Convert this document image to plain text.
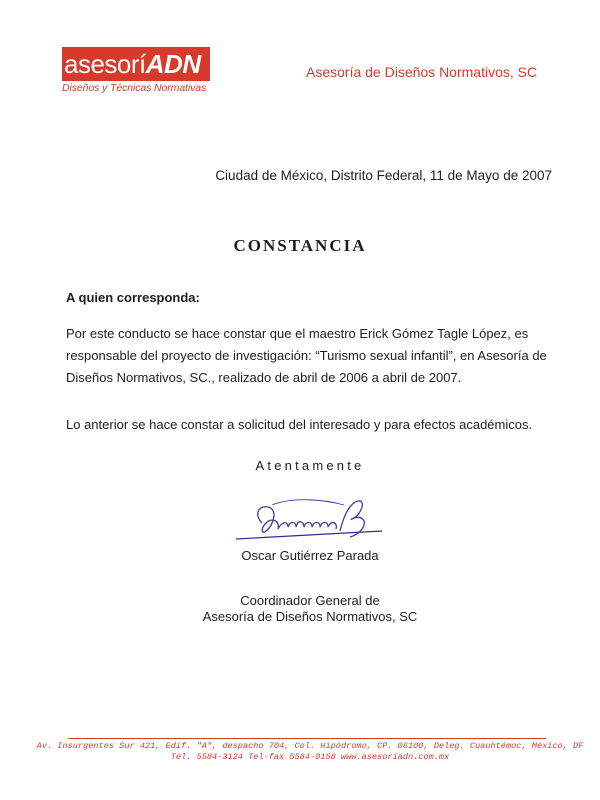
asesoríADN
Diseños y Técnicas Normativas
Asesoría de Diseños Normativos, SC
Ciudad de México, Distrito Federal, 11 de Mayo de 2007
CONSTANCIA
A quien corresponda:
Por este conducto se hace constar que el maestro Erick Gómez Tagle López, es
responsable del proyecto de investigación: “Turismo sexual infantil”, en Asesoría de
Diseños Normativos, SC., realizado de abril de 2006 a abril de 2007.
Lo anterior se hace constar a solicitud del interesado y para efectos académicos.
Atentamente
Oscar Gutiérrez Parada
Coordinador General de
Asesoría de Diseños Normativos, SC
Av. Insurgentes Sur 421, Edif. "A", despacho 704, Col. Hipódromo, CP. 06100, Deleg. Cuauhtémoc, México, DF
Tel. 5584-3124 Tel-fax 5584-0158 www.asesoriadn.com.mx
